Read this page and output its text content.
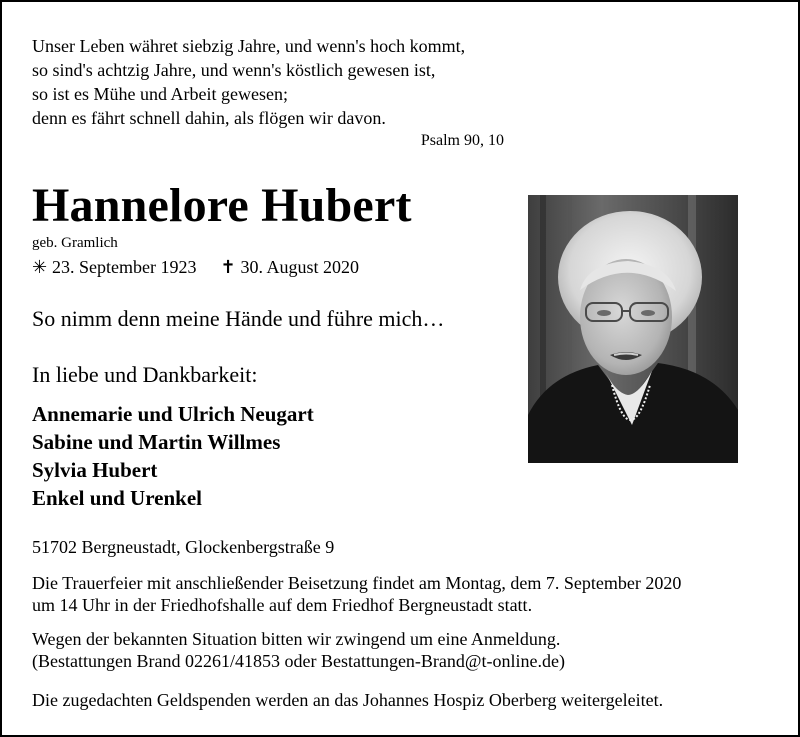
Unser Leben währet siebzig Jahre, und wenn's hoch kommt,
so sind's achtzig Jahre, und wenn's köstlich gewesen ist,
so ist es Mühe und Arbeit gewesen;
denn es fährt schnell dahin, als flögen wir davon.
Psalm 90, 10
Hannelore Hubert
geb. Gramlich
✳ 23. September 1923 ✝ 30. August 2020
So nimm denn meine Hände und führe mich…
In liebe und Dankbarkeit:
Annemarie und Ulrich Neugart
Sabine und Martin Willmes
Sylvia Hubert
Enkel und Urenkel
51702 Bergneustadt, Glockenbergstraße 9
Die Trauerfeier mit anschließender Beisetzung findet am Montag, dem 7. September 2020
um 14 Uhr in der Friedhofshalle auf dem Friedhof Bergneustadt statt.
Wegen der bekannten Situation bitten wir zwingend um eine Anmeldung.
(Bestattungen Brand 02261/41853 oder Bestattungen-Brand@t-online.de)
Die zugedachten Geldspenden werden an das Johannes Hospiz Oberberg weitergeleitet.
